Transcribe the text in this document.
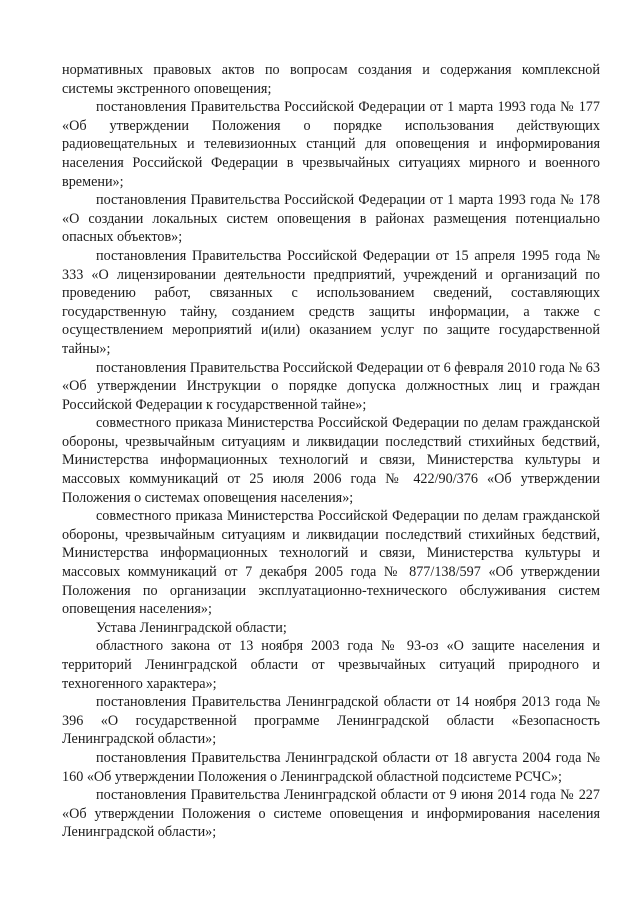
нормативных правовых актов по вопросам создания и содержания комплексной системы экстренного оповещения;

постановления Правительства Российской Федерации от 1 марта 1993 года № 177 «Об утверждении Положения о порядке использования действующих радиовещательных и телевизионных станций для оповещения и информирования населения Российской Федерации в чрезвычайных ситуациях мирного и военного времени»;

постановления Правительства Российской Федерации от 1 марта 1993 года № 178 «О создании локальных систем оповещения в районах размещения потенциально опасных объектов»;

постановления Правительства Российской Федерации от 15 апреля 1995 года № 333 «О лицензировании деятельности предприятий, учреждений и организаций по проведению работ, связанных с использованием сведений, составляющих государственную тайну, созданием средств защиты информации, а также с осуществлением мероприятий и(или) оказанием услуг по защите государственной тайны»;

постановления Правительства Российской Федерации от 6 февраля 2010 года № 63 «Об утверждении Инструкции о порядке допуска должностных лиц и граждан Российской Федерации к государственной тайне»;

совместного приказа Министерства Российской Федерации по делам гражданской обороны, чрезвычайным ситуациям и ликвидации последствий стихийных бедствий, Министерства информационных технологий и связи, Министерства культуры и массовых коммуникаций от 25 июля 2006 года № 422/90/376 «Об утверждении Положения о системах оповещения населения»;

совместного приказа Министерства Российской Федерации по делам гражданской обороны, чрезвычайным ситуациям и ликвидации последствий стихийных бедствий, Министерства информационных технологий и связи, Министерства культуры и массовых коммуникаций от 7 декабря 2005 года № 877/138/597 «Об утверждении Положения по организации эксплуатационно-технического обслуживания систем оповещения населения»;

Устава Ленинградской области;

областного закона от 13 ноября 2003 года № 93-оз «О защите населения и территорий Ленинградской области от чрезвычайных ситуаций природного и техногенного характера»;

постановления Правительства Ленинградской области от 14 ноября 2013 года № 396 «О государственной программе Ленинградской области «Безопасность Ленинградской области»;

постановления Правительства Ленинградской области от 18 августа 2004 года № 160 «Об утверждении Положения о Ленинградской областной подсистеме РСЧС»;

постановления Правительства Ленинградской области от 9 июня 2014 года № 227 «Об утверждении Положения о системе оповещения и информирования населения Ленинградской области»;
